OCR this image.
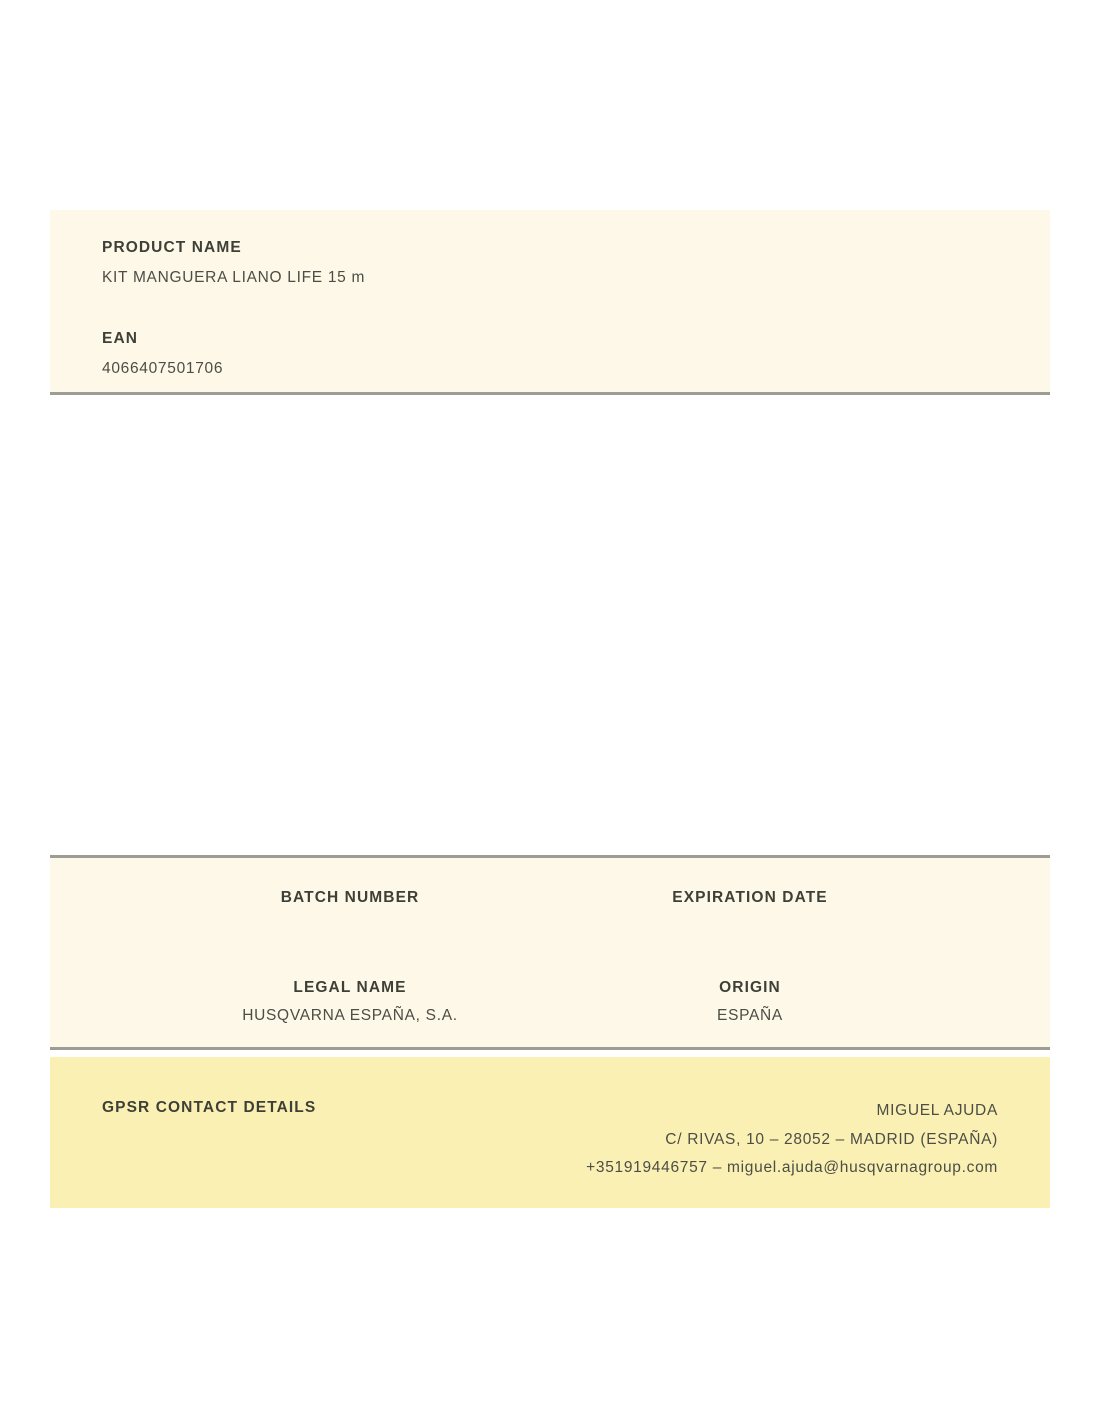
PRODUCT NAME
KIT MANGUERA LIANO LIFE 15 m
EAN
4066407501706
BATCH NUMBER	EXPIRATION DATE
LEGAL NAME
HUSQVARNA ESPAÑA, S.A.
ORIGIN
ESPAÑA
GPSR CONTACT DETAILS	MIGUEL AJUDA
C/ RIVAS, 10 – 28052 – MADRID (ESPAÑA)
+351919446757 – miguel.ajuda@husqvarnagroup.com
